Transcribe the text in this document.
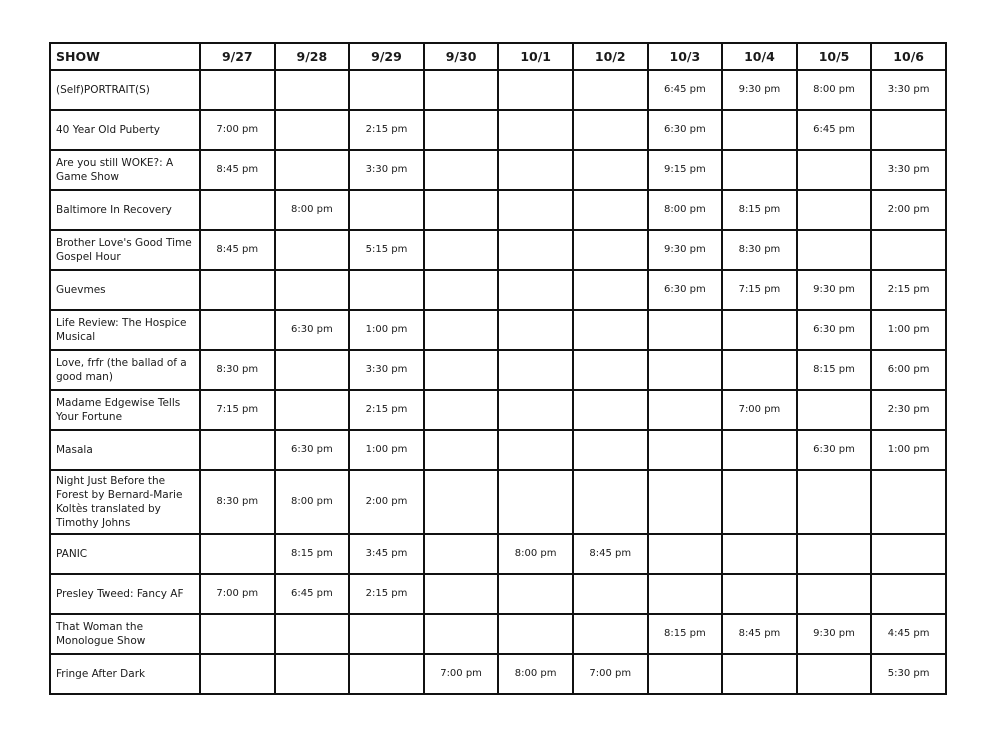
SHOW	9/27	9/28	9/29	9/30	10/1	10/2	10/3	10/4	10/5	10/6
(Self)PORTRAIT(S)							6:45 pm	9:30 pm	8:00 pm	3:30 pm
40 Year Old Puberty	7:00 pm		2:15 pm				6:30 pm		6:45 pm	
Are you still WOKE?: A Game Show	8:45 pm		3:30 pm				9:15 pm			3:30 pm
Baltimore In Recovery		8:00 pm					8:00 pm	8:15 pm		2:00 pm
Brother Love's Good Time Gospel Hour	8:45 pm		5:15 pm				9:30 pm	8:30 pm		
Guevmes							6:30 pm	7:15 pm	9:30 pm	2:15 pm
Life Review: The Hospice Musical		6:30 pm	1:00 pm						6:30 pm	1:00 pm
Love, frfr (the ballad of a good man)	8:30 pm		3:30 pm						8:15 pm	6:00 pm
Madame Edgewise Tells Your Fortune	7:15 pm		2:15 pm					7:00 pm		2:30 pm
Masala		6:30 pm	1:00 pm						6:30 pm	1:00 pm
Night Just Before the Forest by Bernard-Marie Koltès translated by Timothy Johns	8:30 pm	8:00 pm	2:00 pm							
PANIC		8:15 pm	3:45 pm		8:00 pm	8:45 pm				
Presley Tweed: Fancy AF	7:00 pm	6:45 pm	2:15 pm							
That Woman the Monologue Show							8:15 pm	8:45 pm	9:30 pm	4:45 pm
Fringe After Dark				7:00 pm	8:00 pm	7:00 pm				5:30 pm
